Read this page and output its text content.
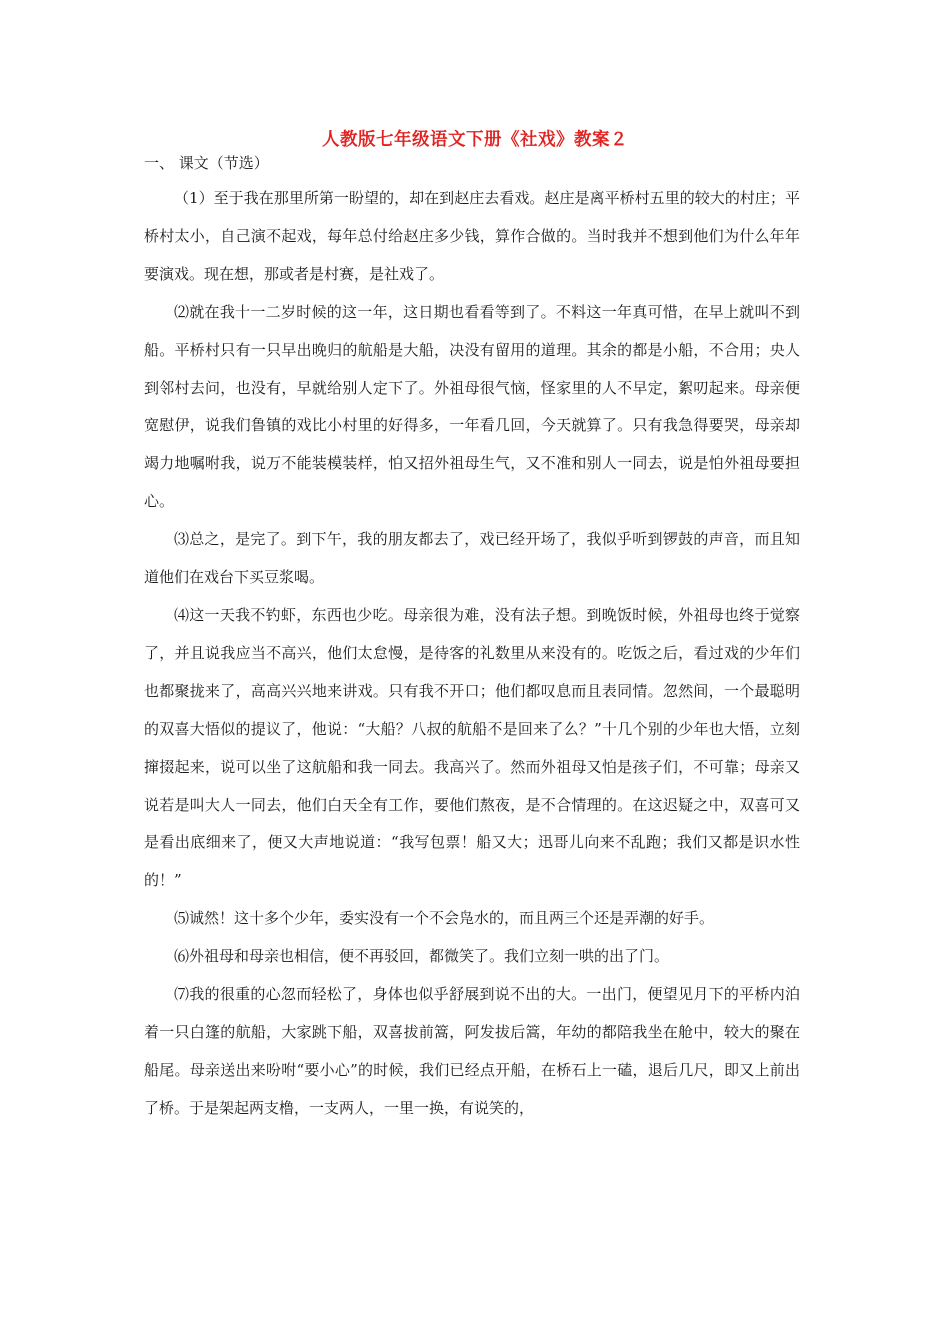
人教版七年级语文下册《社戏》教案２
一、 课文（节选）

（1）至于我在那里所第一盼望的，却在到赵庄去看戏。赵庄是离平桥村五里的较大的村庄；平桥村太小，自己演不起戏，每年总付给赵庄多少钱，算作合做的。当时我并不想到他们为什么年年要演戏。现在想，那或者是村赛，是社戏了。

⑵就在我十一二岁时候的这一年，这日期也看看等到了。不料这一年真可惜，在早上就叫不到船。平桥村只有一只早出晚归的航船是大船，决没有留用的道理。其余的都是小船，不合用；央人到邻村去问，也没有，早就给别人定下了。外祖母很气恼，怪家里的人不早定，絮叨起来。母亲便宽慰伊，说我们鲁镇的戏比小村里的好得多，一年看几回，今天就算了。只有我急得要哭，母亲却竭力地嘱咐我，说万不能装模装样，怕又招外祖母生气，又不准和别人一同去，说是怕外祖母要担心。

⑶总之，是完了。到下午，我的朋友都去了，戏已经开场了，我似乎听到锣鼓的声音，而且知道他们在戏台下买豆浆喝。

⑷这一天我不钓虾，东西也少吃。母亲很为难，没有法子想。到晚饭时候，外祖母也终于觉察了，并且说我应当不高兴，他们太怠慢，是待客的礼数里从来没有的。吃饭之后，看过戏的少年们也都聚拢来了，高高兴兴地来讲戏。只有我不开口；他们都叹息而且表同情。忽然间，一个最聪明的双喜大悟似的提议了，他说：“大船？八叔的航船不是回来了么？”十几个别的少年也大悟，立刻撺掇起来，说可以坐了这航船和我一同去。我高兴了。然而外祖母又怕是孩子们，不可靠；母亲又说若是叫大人一同去，他们白天全有工作，要他们熬夜，是不合情理的。在这迟疑之中，双喜可又是看出底细来了，便又大声地说道：“我写包票！船又大；迅哥儿向来不乱跑；我们又都是识水性的！”

⑸诚然！这十多个少年，委实没有一个不会凫水的，而且两三个还是弄潮的好手。

⑹外祖母和母亲也相信，便不再驳回，都微笑了。我们立刻一哄的出了门。

⑺我的很重的心忽而轻松了，身体也似乎舒展到说不出的大。一出门，便望见月下的平桥内泊着一只白篷的航船，大家跳下船，双喜拔前篙，阿发拔后篙，年幼的都陪我坐在舱中，较大的聚在船尾。母亲送出来吩咐“要小心”的时候，我们已经点开船，在桥石上一磕，退后几尺，即又上前出了桥。于是架起两支橹，一支两人，一里一换，有说笑的，
